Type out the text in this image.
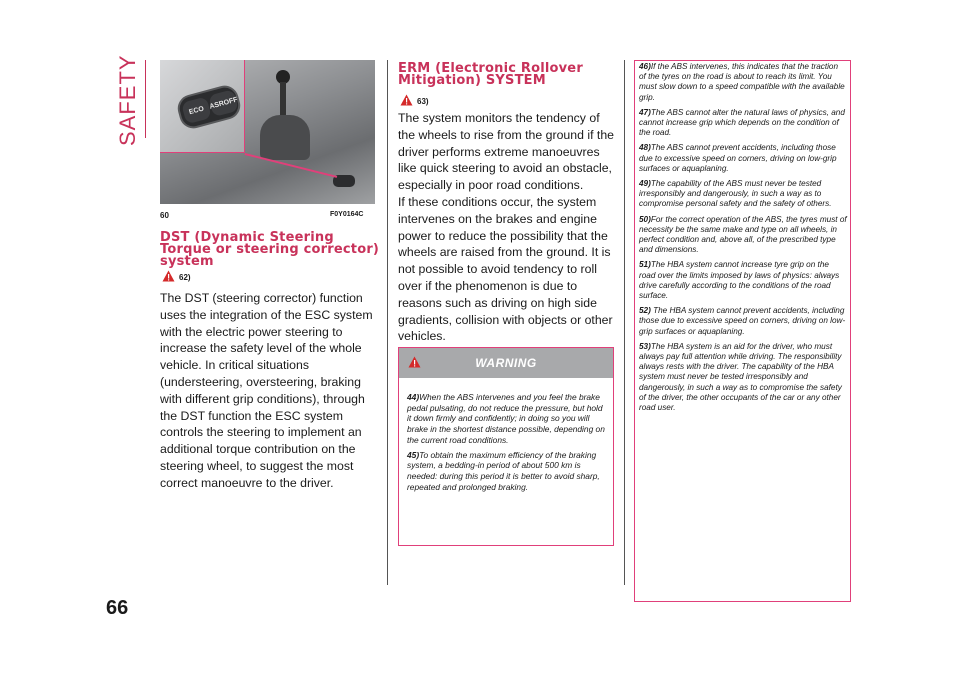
SAFETY
66
ECO
ASR

OFF
60	F0Y0164C
DST (Dynamic Steering Torque or steering corrector) system
62)
The DST (steering corrector) function uses the integration of the ESC system with the electric power steering to increase the safety level of the whole vehicle. In critical situations (understeering, oversteering, braking with different grip conditions), through the DST function the ESC system controls the steering to implement an additional torque contribution on the steering wheel, to suggest the most correct manoeuvre to the driver.
ERM (Electronic Rollover Mitigation) SYSTEM
63)
The system monitors the tendency of the wheels to rise from the ground if the driver performs extreme manoeuvres like quick steering to avoid an obstacle, especially in poor road conditions.
If these conditions occur, the system intervenes on the brakes and engine power to reduce the possibility that the wheels are raised from the ground. It is not possible to avoid tendency to roll over if the phenomenon is due to reasons such as driving on high side gradients, collision with objects or other vehicles.
WARNING

44)When the ABS intervenes and you feel the brake pedal pulsating, do not reduce the pressure, but hold it down firmly and confidently; in doing so you will brake in the shortest distance possible, depending on the current road conditions.

45)To obtain the maximum efficiency of the braking system, a bedding-in period of about 500 km is needed: during this period it is better to avoid sharp, repeated and prolonged braking.

46)If the ABS intervenes, this indicates that the traction of the tyres on the road is about to reach its limit. You must slow down to a speed compatible with the available grip.

47)The ABS cannot alter the natural laws of physics, and cannot increase grip which depends on the condition of the road.

48)The ABS cannot prevent accidents, including those due to excessive speed on corners, driving on low-grip surfaces or aquaplaning.

49)The capability of the ABS must never be tested irresponsibly and dangerously, in such a way as to compromise personal safety and the safety of others.

50)For the correct operation of the ABS, the tyres must of necessity be the same make and type on all wheels, in perfect condition and, above all, of the prescribed type and dimensions.

51)The HBA system cannot increase tyre grip on the road over the limits imposed by laws of physics: always drive carefully according to the conditions of the road surface.

52) The HBA system cannot prevent accidents, including those due to excessive speed on corners, driving on low-grip surfaces or aquaplaning.

53)The HBA system is an aid for the driver, who must always pay full attention while driving. The responsibility always rests with the driver. The capability of the HBA system must never be tested irresponsibly and dangerously, in such a way as to compromise the safety of the driver, the other occupants of the car or any other road user.
